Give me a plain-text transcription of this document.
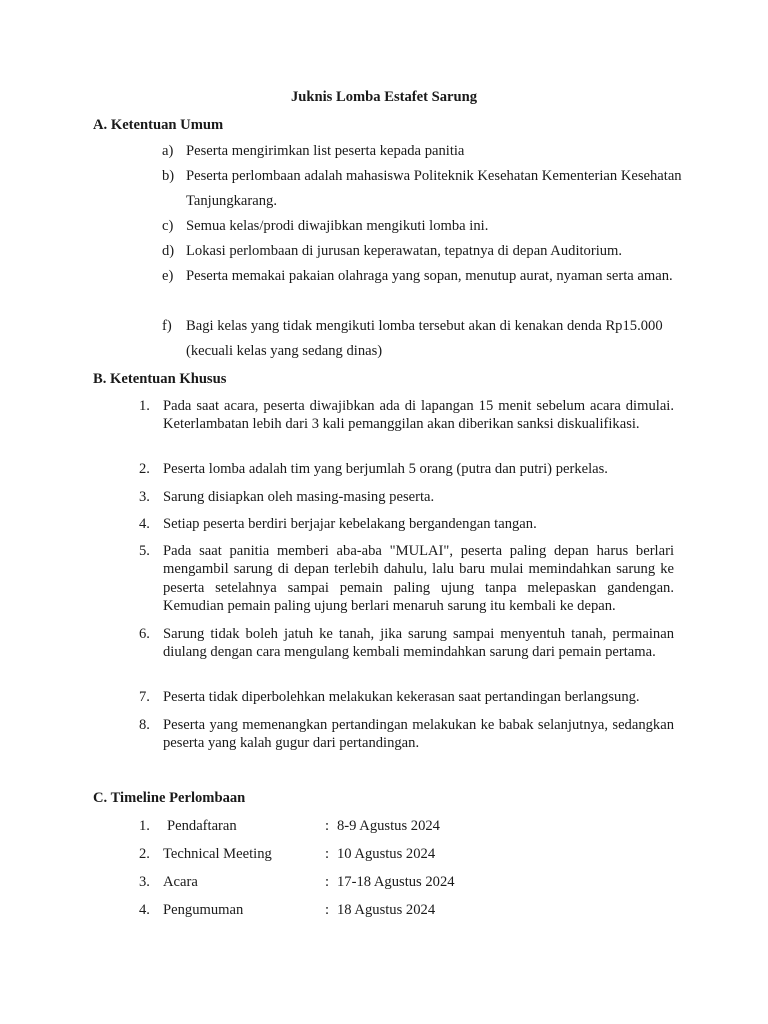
Juknis Lomba Estafet Sarung
A. Ketentuan Umum
a) Peserta mengirimkan list peserta kepada panitia
b) Peserta perlombaan adalah mahasiswa Politeknik Kesehatan Kementerian Kesehatan Tanjungkarang.
c) Semua kelas/prodi diwajibkan mengikuti lomba ini.
d) Lokasi perlombaan di jurusan keperawatan, tepatnya di depan Auditorium.
e) Peserta memakai pakaian olahraga yang sopan, menutup aurat, nyaman serta aman.
f) Bagi kelas yang tidak mengikuti lomba tersebut akan di kenakan denda Rp15.000 (kecuali kelas yang sedang dinas)
B. Ketentuan Khusus
1. Pada saat acara, peserta diwajibkan ada di lapangan 15 menit sebelum acara dimulai. Keterlambatan lebih dari 3 kali pemanggilan akan diberikan sanksi diskualifikasi.
2. Peserta lomba adalah tim yang berjumlah 5 orang (putra dan putri) perkelas.
3. Sarung disiapkan oleh masing-masing peserta.
4. Setiap peserta berdiri berjajar kebelakang bergandengan tangan.
5. Pada saat panitia memberi aba-aba "MULAI", peserta paling depan harus berlari mengambil sarung di depan terlebih dahulu, lalu baru mulai memindahkan sarung ke peserta setelahnya sampai pemain paling ujung tanpa melepaskan gandengan. Kemudian pemain paling ujung berlari menaruh sarung itu kembali ke depan.
6. Sarung tidak boleh jatuh ke tanah, jika sarung sampai menyentuh tanah, permainan diulang dengan cara mengulang kembali memindahkan sarung dari pemain pertama.
7. Peserta tidak diperbolehkan melakukan kekerasan saat pertandingan berlangsung.
8. Peserta yang memenangkan pertandingan melakukan ke babak selanjutnya, sedangkan peserta yang kalah gugur dari pertandingan.
C. Timeline Perlombaan
1.	Pendaftaran	: 8-9 Agustus 2024
2. Technical Meeting	: 10 Agustus 2024
3. Acara	: 17-18 Agustus 2024
4. Pengumuman	: 18 Agustus 2024
